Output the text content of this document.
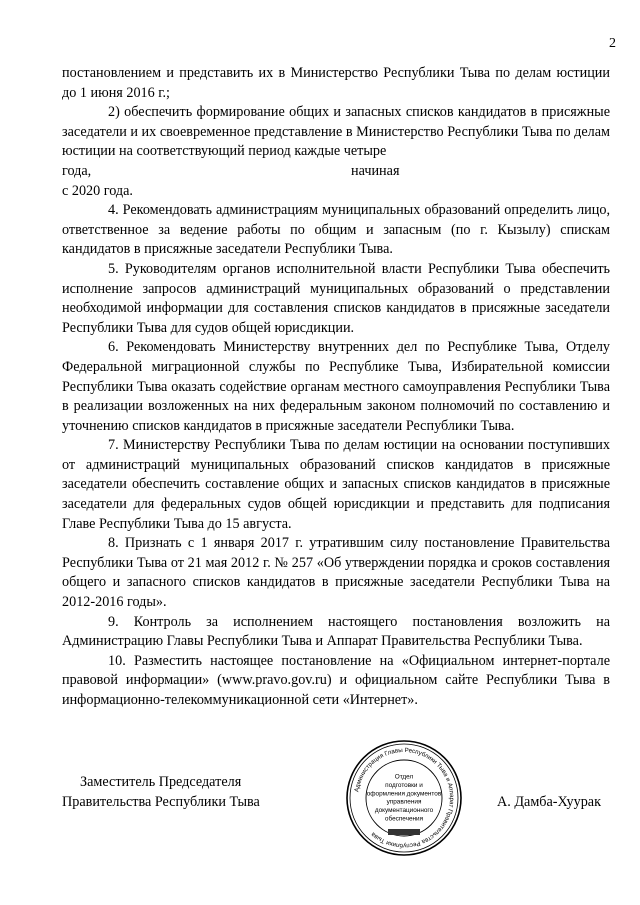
2

постановлением и представить их в Министерство Республики Тыва по делам юстиции до 1 июня 2016 г.;

2) обеспечить формирование общих и запасных списков кандидатов в присяжные заседатели и их своевременное представление в Министерство Республики Тыва по делам юстиции на соответствующий период каждые четыре

года,	начиная

с 2020 года.

4. Рекомендовать администрациям муниципальных образований определить лицо, ответственное за ведение работы по общим и запасным (по г. Кызылу) спискам кандидатов в присяжные заседатели Республики Тыва.

5. Руководителям органов исполнительной власти Республики Тыва обеспечить исполнение запросов администраций муниципальных образований о представлении необходимой информации для составления списков кандидатов в присяжные заседатели Республики Тыва для судов общей юрисдикции.

6. Рекомендовать Министерству внутренних дел по Республике Тыва, Отделу Федеральной миграционной службы по Республике Тыва, Избирательной комиссии Республики Тыва оказать содействие органам местного самоуправления Республики Тыва в реализации возложенных на них федеральным законом полномочий по составлению и уточнению списков кандидатов в присяжные заседатели Республики Тыва.

7. Министерству Республики Тыва по делам юстиции на основании поступивших от администраций муниципальных образований списков кандидатов в присяжные заседатели обеспечить составление общих и запасных списков кандидатов в присяжные заседатели для федеральных судов общей юрисдикции и представить для подписания Главе Республики Тыва до 15 августа.

8. Признать с 1 января 2017 г. утратившим силу постановление Правительства Республики Тыва от 21 мая 2012 г. № 257 «Об утверждении порядка и сроков составления общего и запасного списков кандидатов в присяжные заседатели Республики Тыва на 2012-2016 годы».

9. Контроль за исполнением настоящего постановления возложить на Администрацию Главы Республики Тыва и Аппарат Правительства Республики Тыва.

10. Разместить настоящее постановление на «Официальном интернет-портале правовой информации» (www.pravo.gov.ru) и официальном сайте Республики Тыва в информационно-телекоммуникационной сети «Интернет».

Заместитель Председателя
Правительства Республики Тыва
Администрация Главы Республики Тыва и Аппарат Правительства Республики Тыва
Отдел
подготовки и
оформления документов
управления
документационного
обеспечения
А. Дамба-Хуурак
